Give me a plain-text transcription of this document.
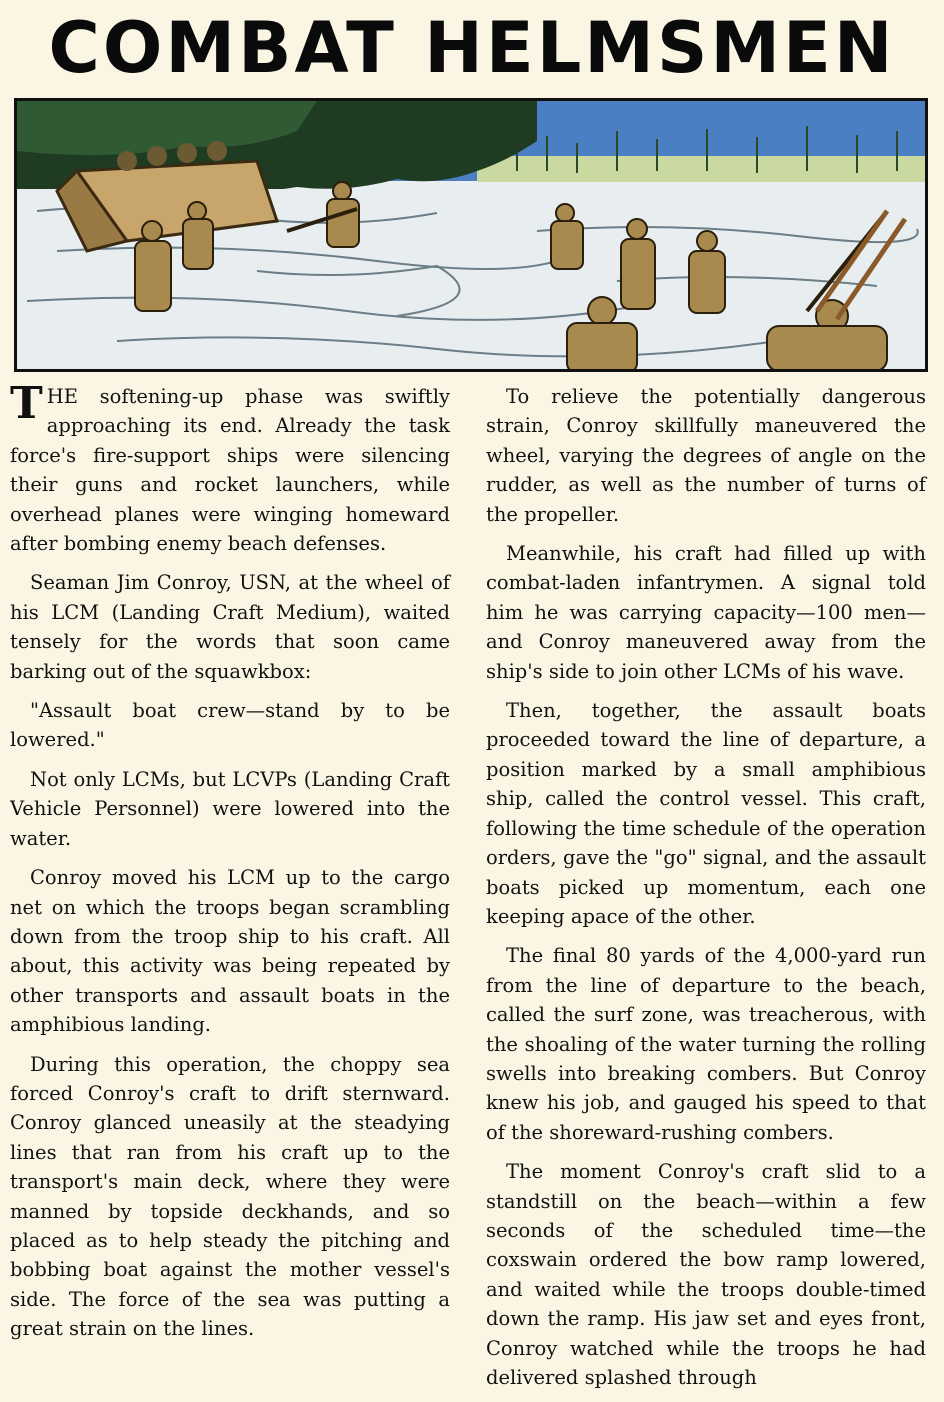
COMBAT HELMSMEN

THE softening-up phase was swiftly approaching its end. Already the task force's fire-support ships were silencing their guns and rocket launchers, while overhead planes were winging homeward after bombing enemy beach defenses.

Seaman Jim Conroy, USN, at the wheel of his LCM (Landing Craft Medium), waited tensely for the words that soon came barking out of the squawkbox:

"Assault boat crew—stand by to be lowered."

Not only LCMs, but LCVPs (Landing Craft Vehicle Personnel) were lowered into the water.

Conroy moved his LCM up to the cargo net on which the troops began scrambling down from the troop ship to his craft. All about, this activity was being repeated by other transports and assault boats in the amphibious landing.

During this operation, the choppy sea forced Conroy's craft to drift sternward. Conroy glanced uneasily at the steadying lines that ran from his craft up to the transport's main deck, where they were manned by topside deckhands, and so placed as to help steady the pitching and bobbing boat against the mother vessel's side. The force of the sea was putting a great strain on the lines.

To relieve the potentially dangerous strain, Conroy skillfully maneuvered the wheel, varying the degrees of angle on the rudder, as well as the number of turns of the propeller.

Meanwhile, his craft had filled up with combat-laden infantrymen. A signal told him he was carrying capacity—100 men—and Conroy maneuvered away from the ship's side to join other LCMs of his wave.

Then, together, the assault boats proceeded toward the line of departure, a position marked by a small amphibious ship, called the control vessel. This craft, following the time schedule of the operation orders, gave the "go" signal, and the assault boats picked up momentum, each one keeping apace of the other.

The final 80 yards of the 4,000-yard run from the line of departure to the beach, called the surf zone, was treacherous, with the shoaling of the water turning the rolling swells into breaking combers. But Conroy knew his job, and gauged his speed to that of the shoreward-rushing combers.

The moment Conroy's craft slid to a standstill on the beach—within a few seconds of the scheduled time—the coxswain ordered the bow ramp lowered, and waited while the troops double-timed down the ramp. His jaw set and eyes front, Conroy watched while the troops he had delivered splashed through
